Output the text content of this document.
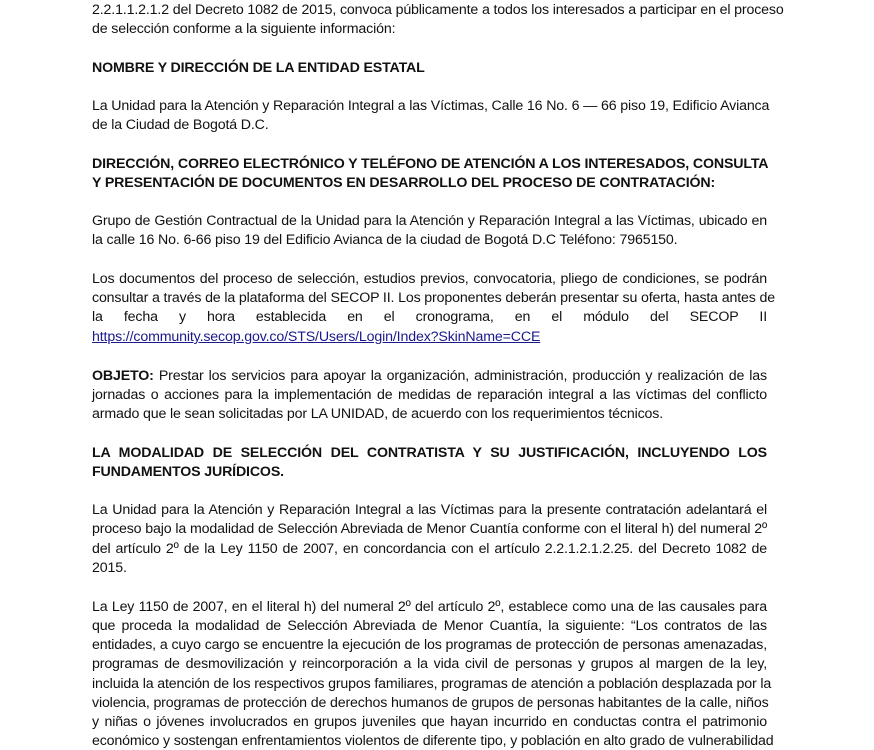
2.2.1.1.2.1.2 del Decreto 1082 de 2015, convoca públicamente a todos los interesados a participar en el proceso
de selección conforme a la siguiente información:
NOMBRE Y DIRECCIÓN DE LA ENTIDAD ESTATAL
La Unidad para la Atención y Reparación Integral a las Víctimas, Calle 16 No. 6 — 66 piso 19, Edificio Avianca
de la Ciudad de Bogotá D.C.
DIRECCIÓN, CORREO ELECTRÓNICO Y TELÉFONO DE ATENCIÓN A LOS INTERESADOS, CONSULTA
Y PRESENTACIÓN DE DOCUMENTOS EN DESARROLLO DEL PROCESO DE CONTRATACIÓN:
Grupo de Gestión Contractual de la Unidad para la Atención y Reparación Integral a las Víctimas, ubicado en
la calle 16 No. 6-66 piso 19 del Edificio Avianca de la ciudad de Bogotá D.C Teléfono: 7965150.
Los documentos del proceso de selección, estudios previos, convocatoria, pliego de condiciones, se podrán
consultar a través de la plataforma del SECOP II. Los proponentes deberán presentar su oferta, hasta antes de
la fecha y hora establecida en el cronograma, en el módulo del SECOP II
https://community.secop.gov.co/STS/Users/Login/Index?SkinName=CCE
OBJETO: Prestar los servicios para apoyar la organización, administración, producción y realización de las
jornadas o acciones para la implementación de medidas de reparación integral a las víctimas del conflicto
armado que le sean solicitadas por LA UNIDAD, de acuerdo con los requerimientos técnicos.
LA MODALIDAD DE SELECCIÓN DEL CONTRATISTA Y SU JUSTIFICACIÓN, INCLUYENDO LOS
FUNDAMENTOS JURÍDICOS.
La Unidad para la Atención y Reparación Integral a las Víctimas para la presente contratación adelantará el
proceso bajo la modalidad de Selección Abreviada de Menor Cuantía conforme con el literal h) del numeral 2º
del artículo 2º de la Ley 1150 de 2007, en concordancia con el artículo 2.2.1.2.1.2.25. del Decreto 1082 de
2015.
La Ley 1150 de 2007, en el literal h) del numeral 2º del artículo 2º, establece como una de las causales para
que proceda la modalidad de Selección Abreviada de Menor Cuantía, la siguiente: “Los contratos de las
entidades, a cuyo cargo se encuentre la ejecución de los programas de protección de personas amenazadas,
programas de desmovilización y reincorporación a la vida civil de personas y grupos al margen de la ley,
incluida la atención de los respectivos grupos familiares, programas de atención a población desplazada por la
violencia, programas de protección de derechos humanos de grupos de personas habitantes de la calle, niños
y niñas o jóvenes involucrados en grupos juveniles que hayan incurrido en conductas contra el patrimonio
económico y sostengan enfrentamientos violentos de diferente tipo, y población en alto grado de vulnerabilidad
